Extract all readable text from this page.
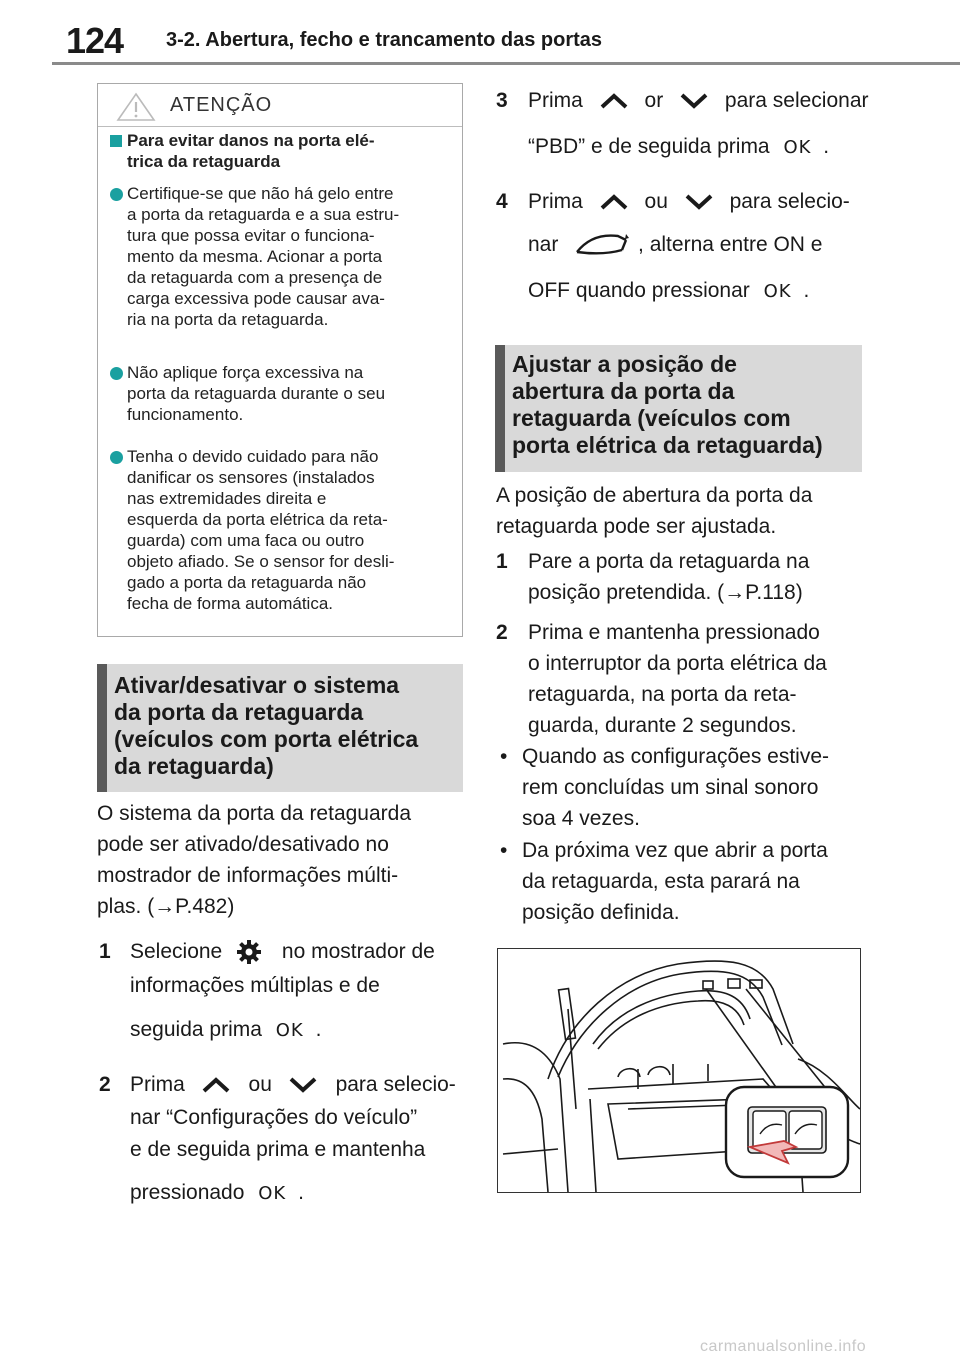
124 3-2. Abertura, fecho e trancamento das portas
ATENÇÃO
Para evitar danos na porta elé-
trica da retaguarda
Certifique-se que não há gelo entre
a porta da retaguarda e a sua estru-
tura que possa evitar o funciona-
mento da mesma. Acionar a porta
da retaguarda com a presença de
carga excessiva pode causar ava-
ria na porta da retaguarda.
Não aplique força excessiva na
porta da retaguarda durante o seu
funcionamento.
Tenha o devido cuidado para não
danificar os sensores (instalados
nas extremidades direita e
esquerda da porta elétrica da reta-
guarda) com uma faca ou outro
objeto afiado. Se o sensor for desli-
gado a porta da retaguarda não
fecha de forma automática.
Ativar/desativar o sistema
da porta da retaguarda
(veículos com porta elétrica
da retaguarda)
O sistema da porta da retaguarda
pode ser ativado/desativado no
mostrador de informações múlti-
plas. (→P.482)
1 Selecione	no mostrador de
informações múltiplas e de
seguida prima OK .
2 Prima	ou	para selecio-
nar “Configurações do veículo”
e de seguida prima e mantenha
pressionado OK .
3 Prima	or	para selecionar
“PBD” e de seguida prima OK .
4 Prima	ou	para selecio-
nar	, alterna entre ON e
OFF quando pressionar OK .
Ajustar a posição de
abertura da porta da
retaguarda (veículos com
porta elétrica da retaguarda)
A posição de abertura da porta da
retaguarda pode ser ajustada.
1 Pare a porta da retaguarda na
posição pretendida. (→P.118)
2 Prima e mantenha pressionado
o interruptor da porta elétrica da
retaguarda, na porta da reta-
guarda, durante 2 segundos.
• Quando as configurações estive-
rem concluídas um sinal sonoro
soa 4 vezes.
• Da próxima vez que abrir a porta
da retaguarda, esta parará na
posição definida.
carmanualsonline.info
